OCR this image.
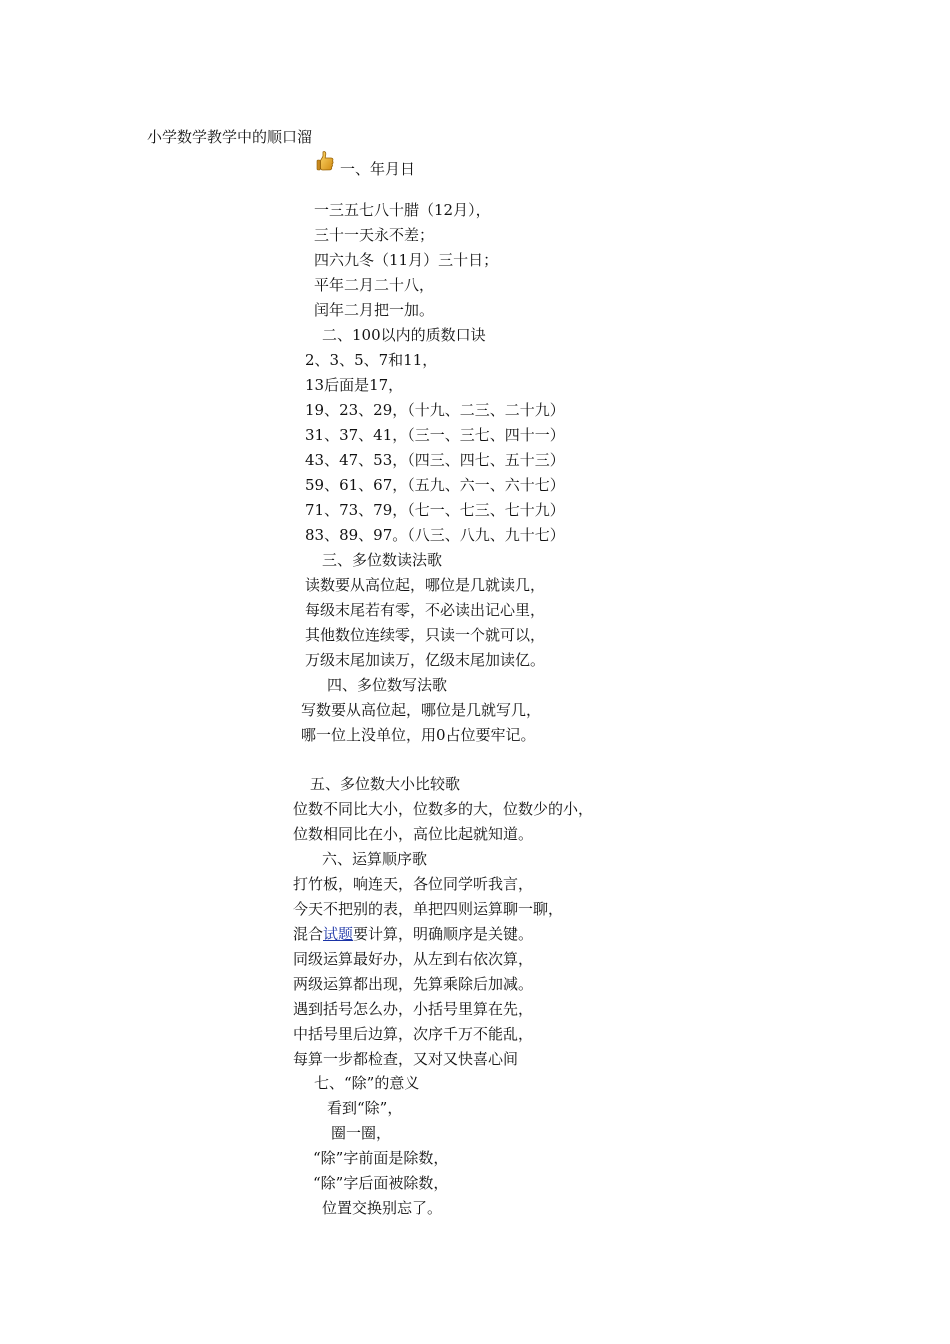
小学数学教学中的顺口溜
一、年月日
一三五七八十腊（12月），
三十一天永不差；
四六九冬（11月）三十日；
平年二月二十八，
闰年二月把一加。
二、100以内的质数口诀
2、3、5、7和11，
13后面是17，
19、23、29，（十九、二三、二十九）
31、37、41，（三一、三七、四十一）
43、47、53，（四三、四七、五十三）
59、61、67，（五九、六一、六十七）
71、73、79，（七一、七三、七十九）
83、89、97。（八三、八九、九十七）
三、多位数读法歌
读数要从高位起，哪位是几就读几，
每级末尾若有零，不必读出记心里，
其他数位连续零，只读一个就可以，
万级末尾加读万，亿级末尾加读亿。
四、多位数写法歌
写数要从高位起，哪位是几就写几，
哪一位上没单位，用0占位要牢记。
五、多位数大小比较歌
位数不同比大小，位数多的大，位数少的小，
位数相同比在小，高位比起就知道。
六、运算顺序歌
打竹板，响连天，各位同学听我言，
今天不把别的表，单把四则运算聊一聊，
混合试题要计算，明确顺序是关键。
同级运算最好办，从左到右依次算，
两级运算都出现，先算乘除后加减。
遇到括号怎么办，小括号里算在先，
中括号里后边算，次序千万不能乱，
每算一步都检查，又对又快喜心间
七、“除”的意义
看到“除”，
圈一圈，
“除”字前面是除数，
“除”字后面被除数，
位置交换别忘了。
